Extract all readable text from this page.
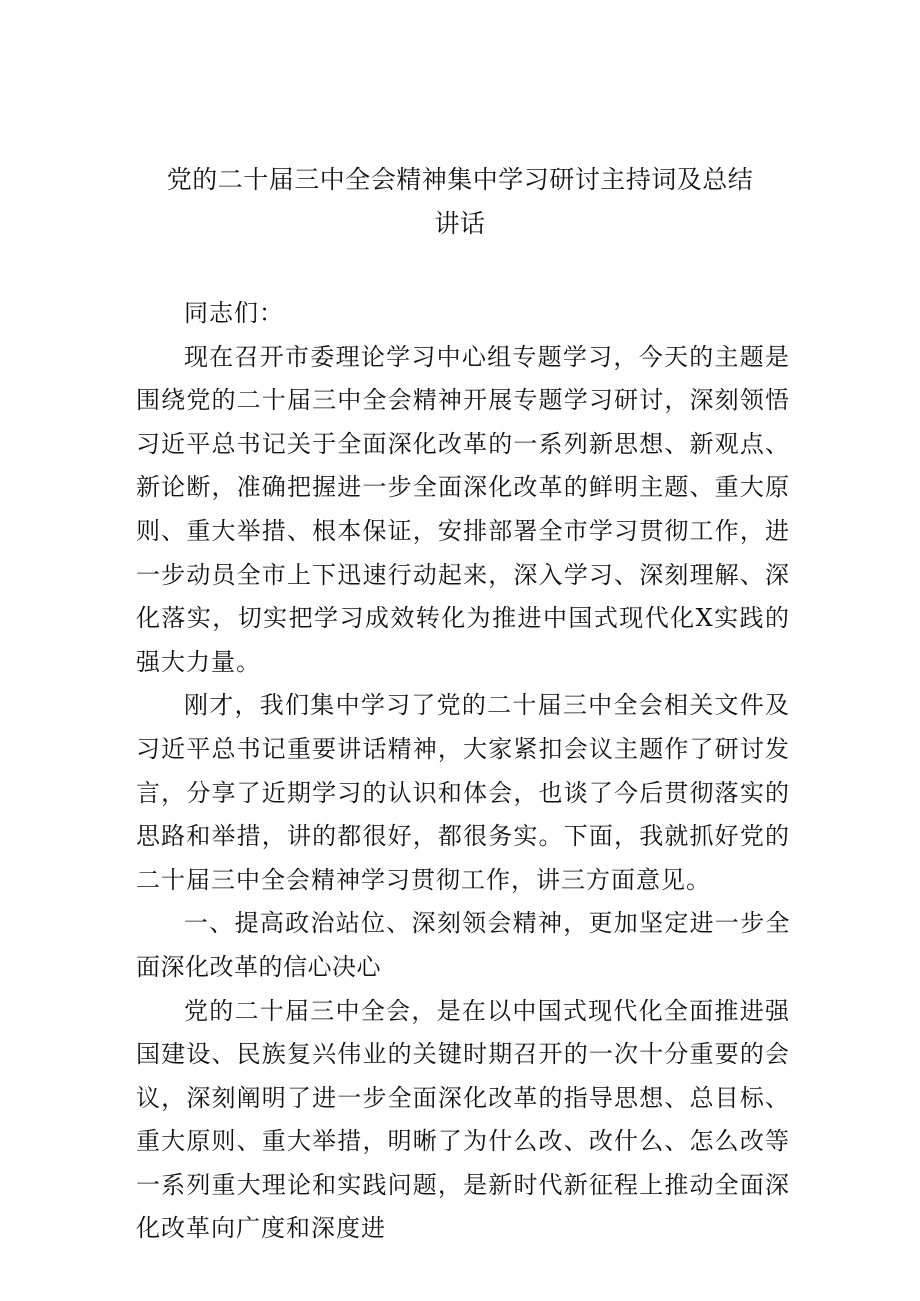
党的二十届三中全会精神集中学习研讨主持词及总结
讲话

同志们：

现在召开市委理论学习中心组专题学习，今天的主题是围绕党的二十届三中全会精神开展专题学习研讨，深刻领悟习近平总书记关于全面深化改革的一系列新思想、新观点、新论断，准确把握进一步全面深化改革的鲜明主题、重大原则、重大举措、根本保证，安排部署全市学习贯彻工作，进一步动员全市上下迅速行动起来，深入学习、深刻理解、深化落实，切实把学习成效转化为推进中国式现代化X实践的强大力量。

刚才，我们集中学习了党的二十届三中全会相关文件及习近平总书记重要讲话精神，大家紧扣会议主题作了研讨发言，分享了近期学习的认识和体会，也谈了今后贯彻落实的思路和举措，讲的都很好，都很务实。下面，我就抓好党的二十届三中全会精神学习贯彻工作，讲三方面意见。

一、提高政治站位、深刻领会精神，更加坚定进一步全面深化改革的信心决心

党的二十届三中全会，是在以中国式现代化全面推进强国建设、民族复兴伟业的关键时期召开的一次十分重要的会议，深刻阐明了进一步全面深化改革的指导思想、总目标、重大原则、重大举措，明晰了为什么改、改什么、怎么改等一系列重大理论和实践问题，是新时代新征程上推动全面深化改革向广度和深度进
